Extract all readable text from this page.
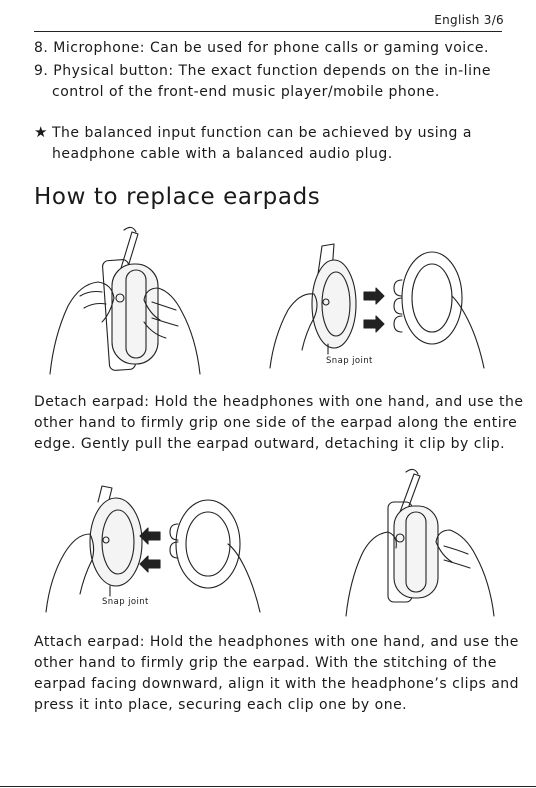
English 3/6
8. Microphone: Can be used for phone calls or gaming voice.
9. Physical button: The exact function depends on the in-line
control of the front-end music player/mobile phone.
★ The balanced input function can be achieved by using a
headphone cable with a balanced audio plug.
How to replace earpads
Snap joint
Detach earpad: Hold the headphones with one hand, and use the
other hand to firmly grip one side of the earpad along the entire
edge. Gently pull the earpad outward, detaching it clip by clip.
Snap joint
Attach earpad: Hold the headphones with one hand, and use the
other hand to firmly grip the earpad. With the stitching of the
earpad facing downward, align it with the headphone’s clips and
press it into place, securing each clip one by one.
